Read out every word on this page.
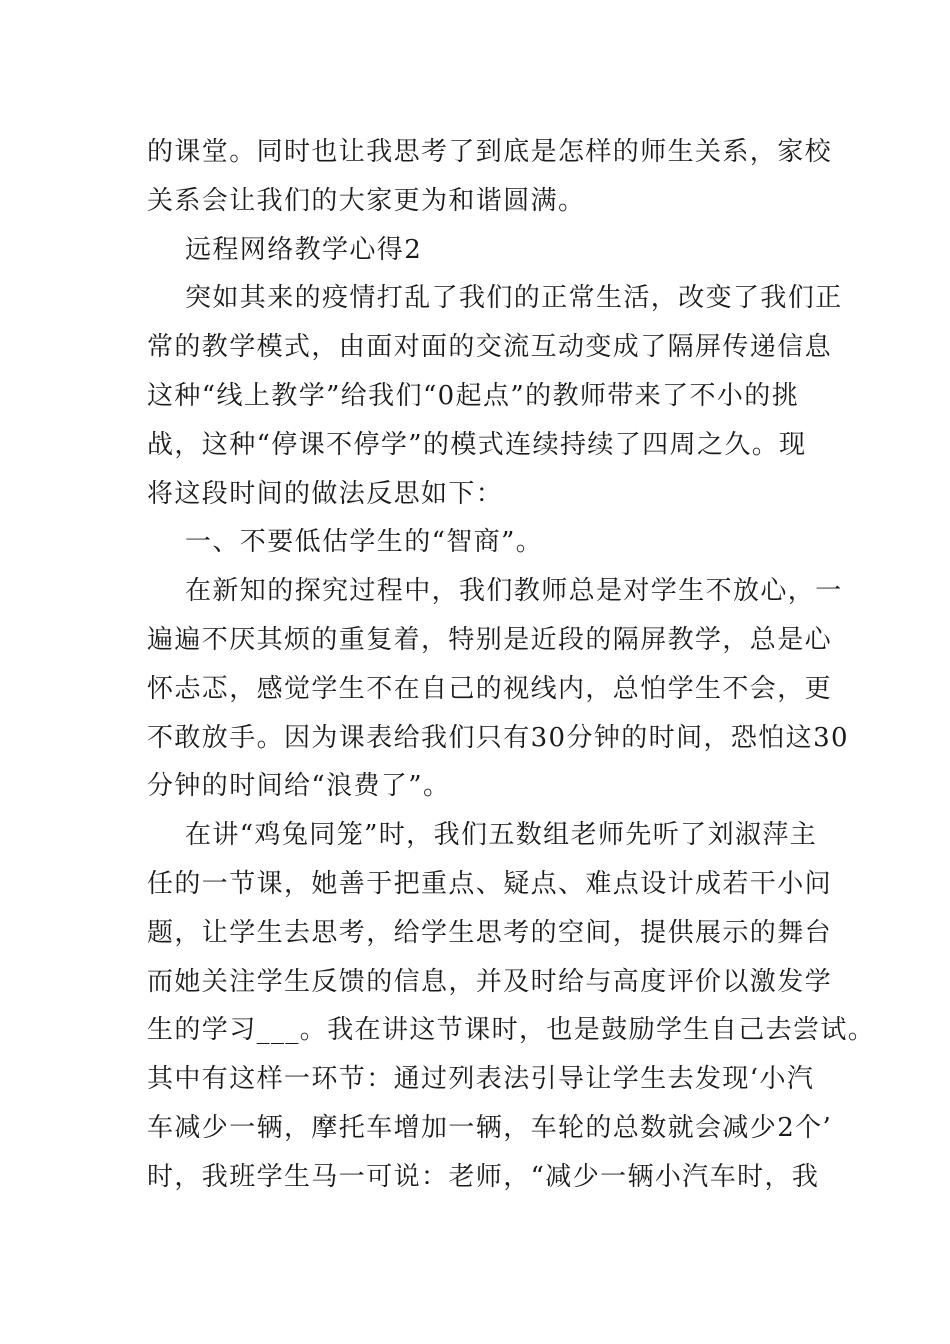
的课堂。同时也让我思考了到底是怎样的师生关系，家校
关系会让我们的大家更为和谐圆满。
远程网络教学心得2
突如其来的疫情打乱了我们的正常生活，改变了我们正
常的教学模式，由面对面的交流互动变成了隔屏传递信息
这种“线上教学”给我们“0起点”的教师带来了不小的挑
战，这种“停课不停学”的模式连续持续了四周之久。现
将这段时间的做法反思如下：
一、不要低估学生的“智商”。
在新知的探究过程中，我们教师总是对学生不放心，一
遍遍不厌其烦的重复着，特别是近段的隔屏教学，总是心
怀忐忑，感觉学生不在自己的视线内，总怕学生不会，更
不敢放手。因为课表给我们只有30分钟的时间，恐怕这30
分钟的时间给“浪费了”。
在讲“鸡兔同笼”时，我们五数组老师先听了刘淑萍主
任的一节课，她善于把重点、疑点、难点设计成若干小问
题，让学生去思考，给学生思考的空间，提供展示的舞台
而她关注学生反馈的信息，并及时给与高度评价以激发学
生的学习___。我在讲这节课时，也是鼓励学生自己去尝试。
其中有这样一环节：通过列表法引导让学生去发现‘小汽
车减少一辆，摩托车增加一辆，车轮的总数就会减少2个’
时，我班学生马一可说：老师，“减少一辆小汽车时，我
